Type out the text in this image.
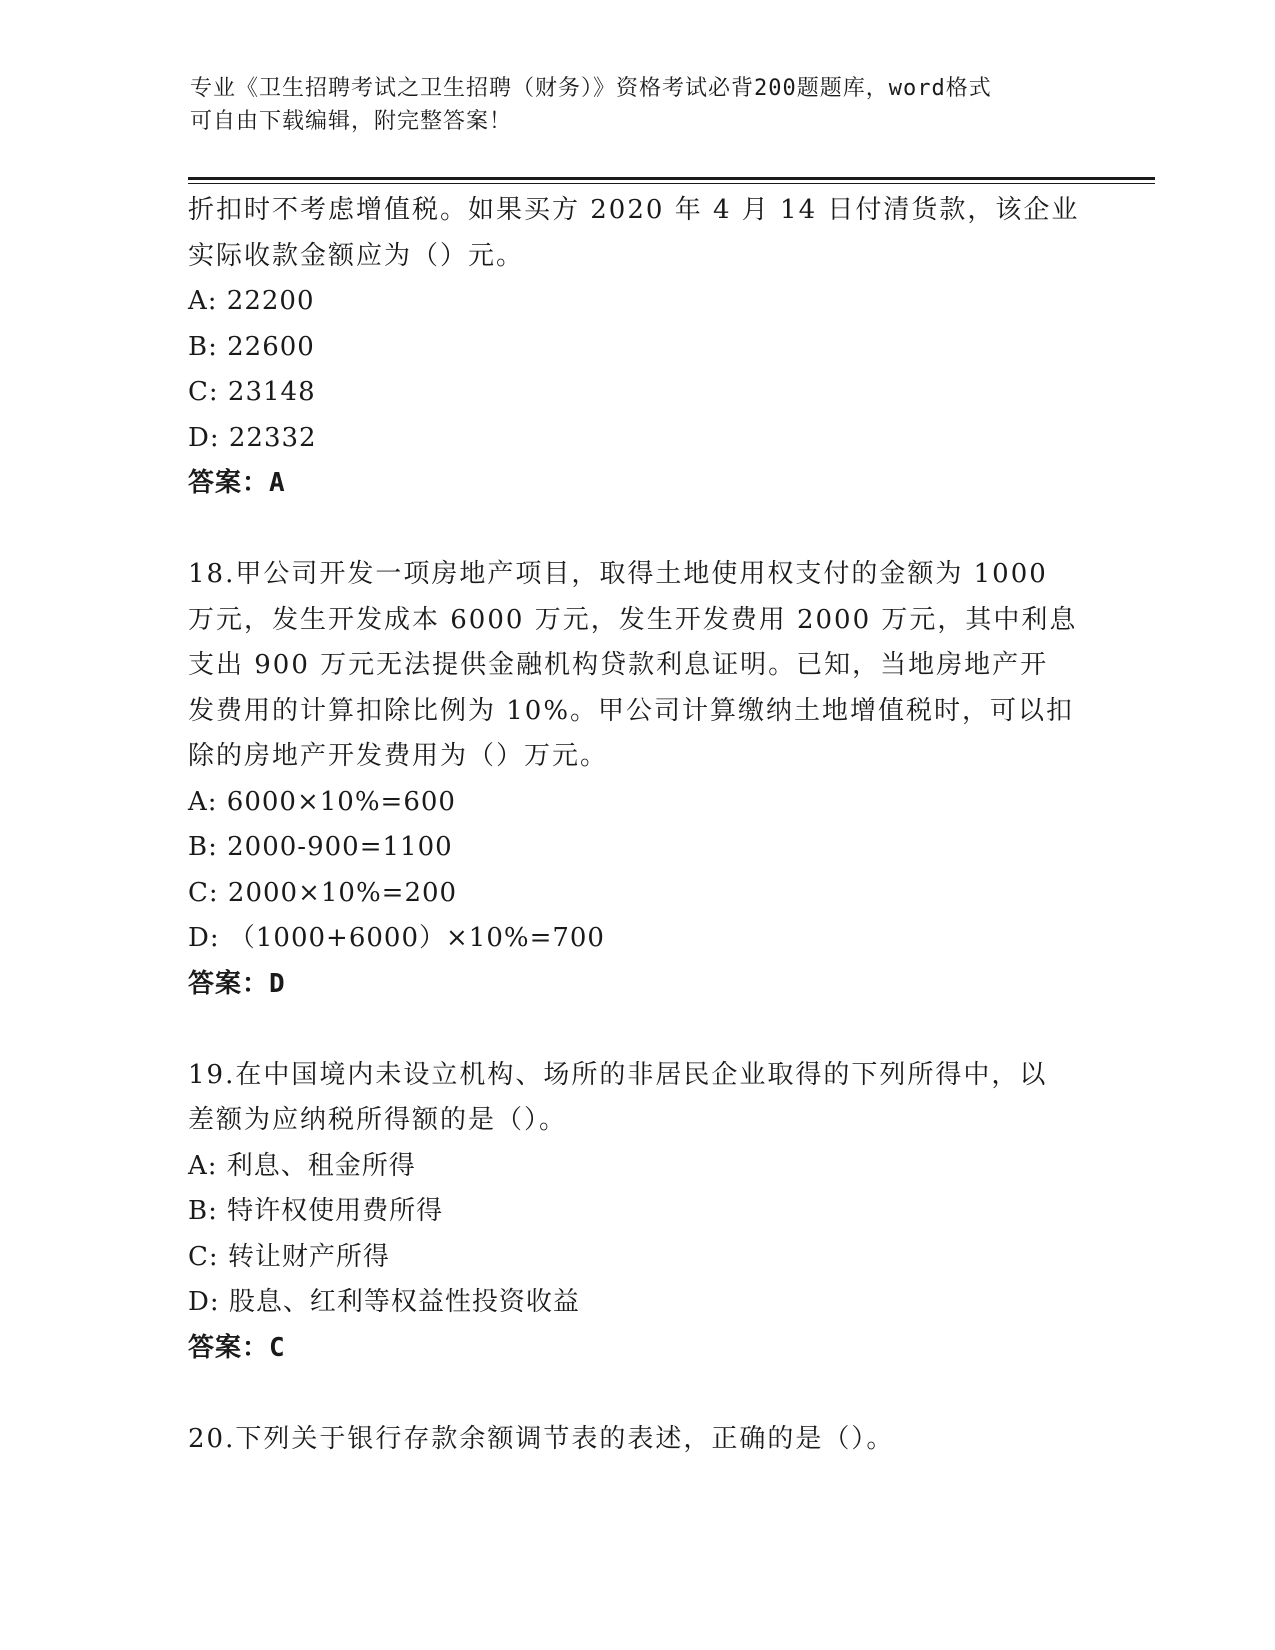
专业《卫生招聘考试之卫生招聘（财务）》资格考试必背200题题库，word格式
可自由下载编辑，附完整答案！
折扣时不考虑增值税。如果买方 2020 年 4 月 14 日付清货款，该企业
实际收款金额应为（）元。
A: 22200
B: 22600
C: 23148
D: 22332
答案：A
18.甲公司开发一项房地产项目，取得土地使用权支付的金额为 1000
万元，发生开发成本 6000 万元，发生开发费用 2000 万元，其中利息
支出 900 万元无法提供金融机构贷款利息证明。已知，当地房地产开
发费用的计算扣除比例为 10%。甲公司计算缴纳土地增值税时，可以扣
除的房地产开发费用为（）万元。
A: 6000×10%=600
B: 2000-900=1100
C: 2000×10%=200
D: （1000+6000）×10%=700
答案：D
19.在中国境内未设立机构、场所的非居民企业取得的下列所得中，以
差额为应纳税所得额的是（）。
A: 利息、租金所得
B: 特许权使用费所得
C: 转让财产所得
D: 股息、红利等权益性投资收益
答案：C
20.下列关于银行存款余额调节表的表述，正确的是（）。
